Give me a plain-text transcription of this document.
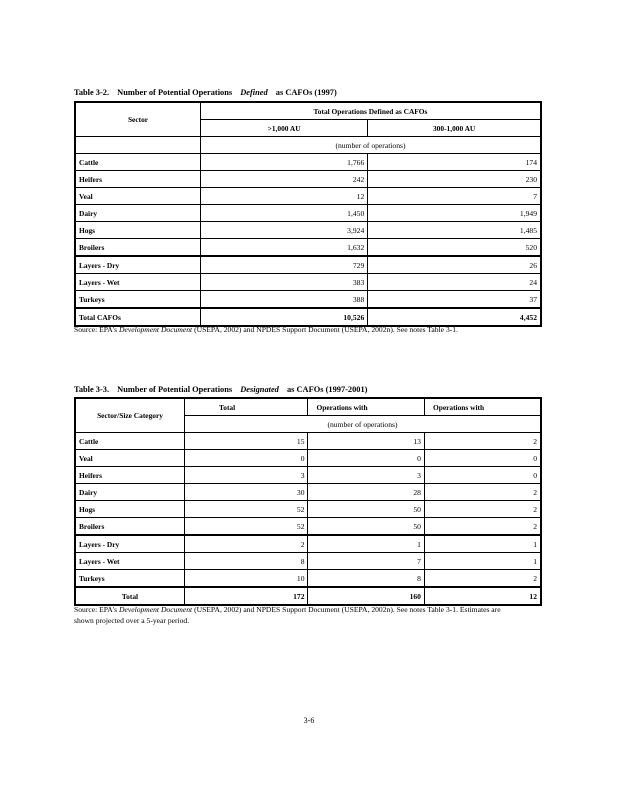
Table 3-2. Number of Potential Operations Defined as CAFOs (1997)
Sector	Total Operations Defined as CAFOs	
	>1,000 AU	300-1,000 AU
	(number of operations)	
Cattle	1,766	174
Heifers	242	230
Veal	12	7
Dairy	1,450	1,949
Hogs	3,924	1,485
Broilers	1,632	520
Layers - Dry	729	26
Layers - Wet	383	24
Turkeys	388	37
Total CAFOs	10,526	4,452
Source: EPA's Development Document (USEPA, 2002) and NPDES Support Document (USEPA, 2002n). See notes Table 3-1.
Table 3-3. Number of Potential Operations Designated as CAFOs (1997-2001)
Sector/Size Category	Total	Operations with	Operations with
	(number of operations)		
Cattle	15	13	2
Veal	0	0	0
Heifers	3	3	0
Dairy	30	28	2
Hogs	52	50	2
Broilers	52	50	2
Layers - Dry	2	1	1
Layers - Wet	8	7	1
Turkeys	10	8	2
Total	172	160	12
Source: EPA's Development Document (USEPA, 2002) and NPDES Support Document (USEPA, 2002n). See notes Table 3-1. Estimates are shown projected over a 5-year period.
3-6
